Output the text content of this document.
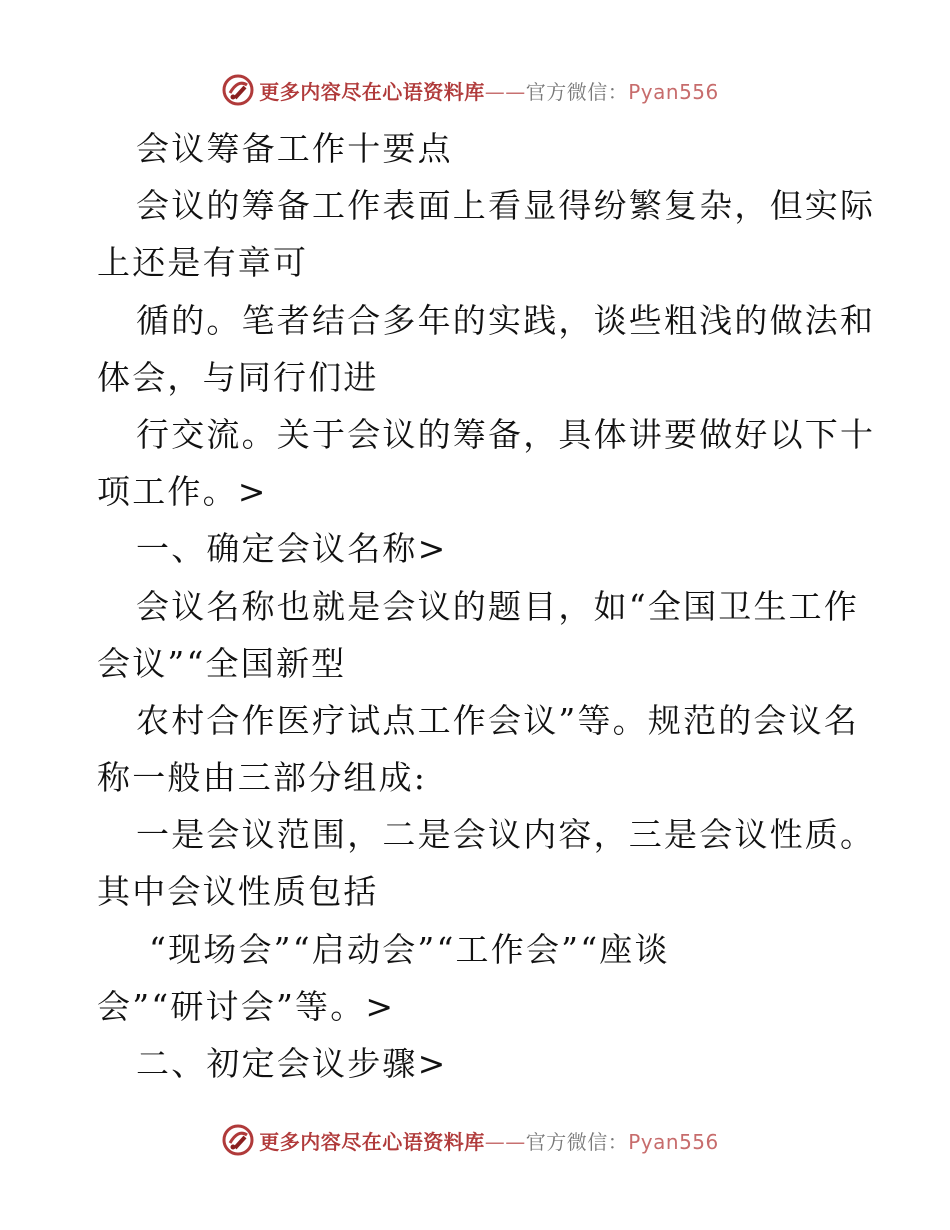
更多内容尽在心语资料库——官方微信：Pyan556
会议筹备工作十要点
会议的筹备工作表面上看显得纷繁复杂，但实际
上还是有章可
循的。笔者结合多年的实践，谈些粗浅的做法和
体会，与同行们进
行交流。关于会议的筹备，具体讲要做好以下十
项工作。>
一、确定会议名称>
会议名称也就是会议的题目，如“全国卫生工作
会议”“全国新型
农村合作医疗试点工作会议”等。规范的会议名
称一般由三部分组成:
一是会议范围，二是会议内容，三是会议性质。
其中会议性质包括
“现场会”“启动会”“工作会”“座谈
会”“研讨会”等。>
二、初定会议步骤>
更多内容尽在心语资料库——官方微信：Pyan556
